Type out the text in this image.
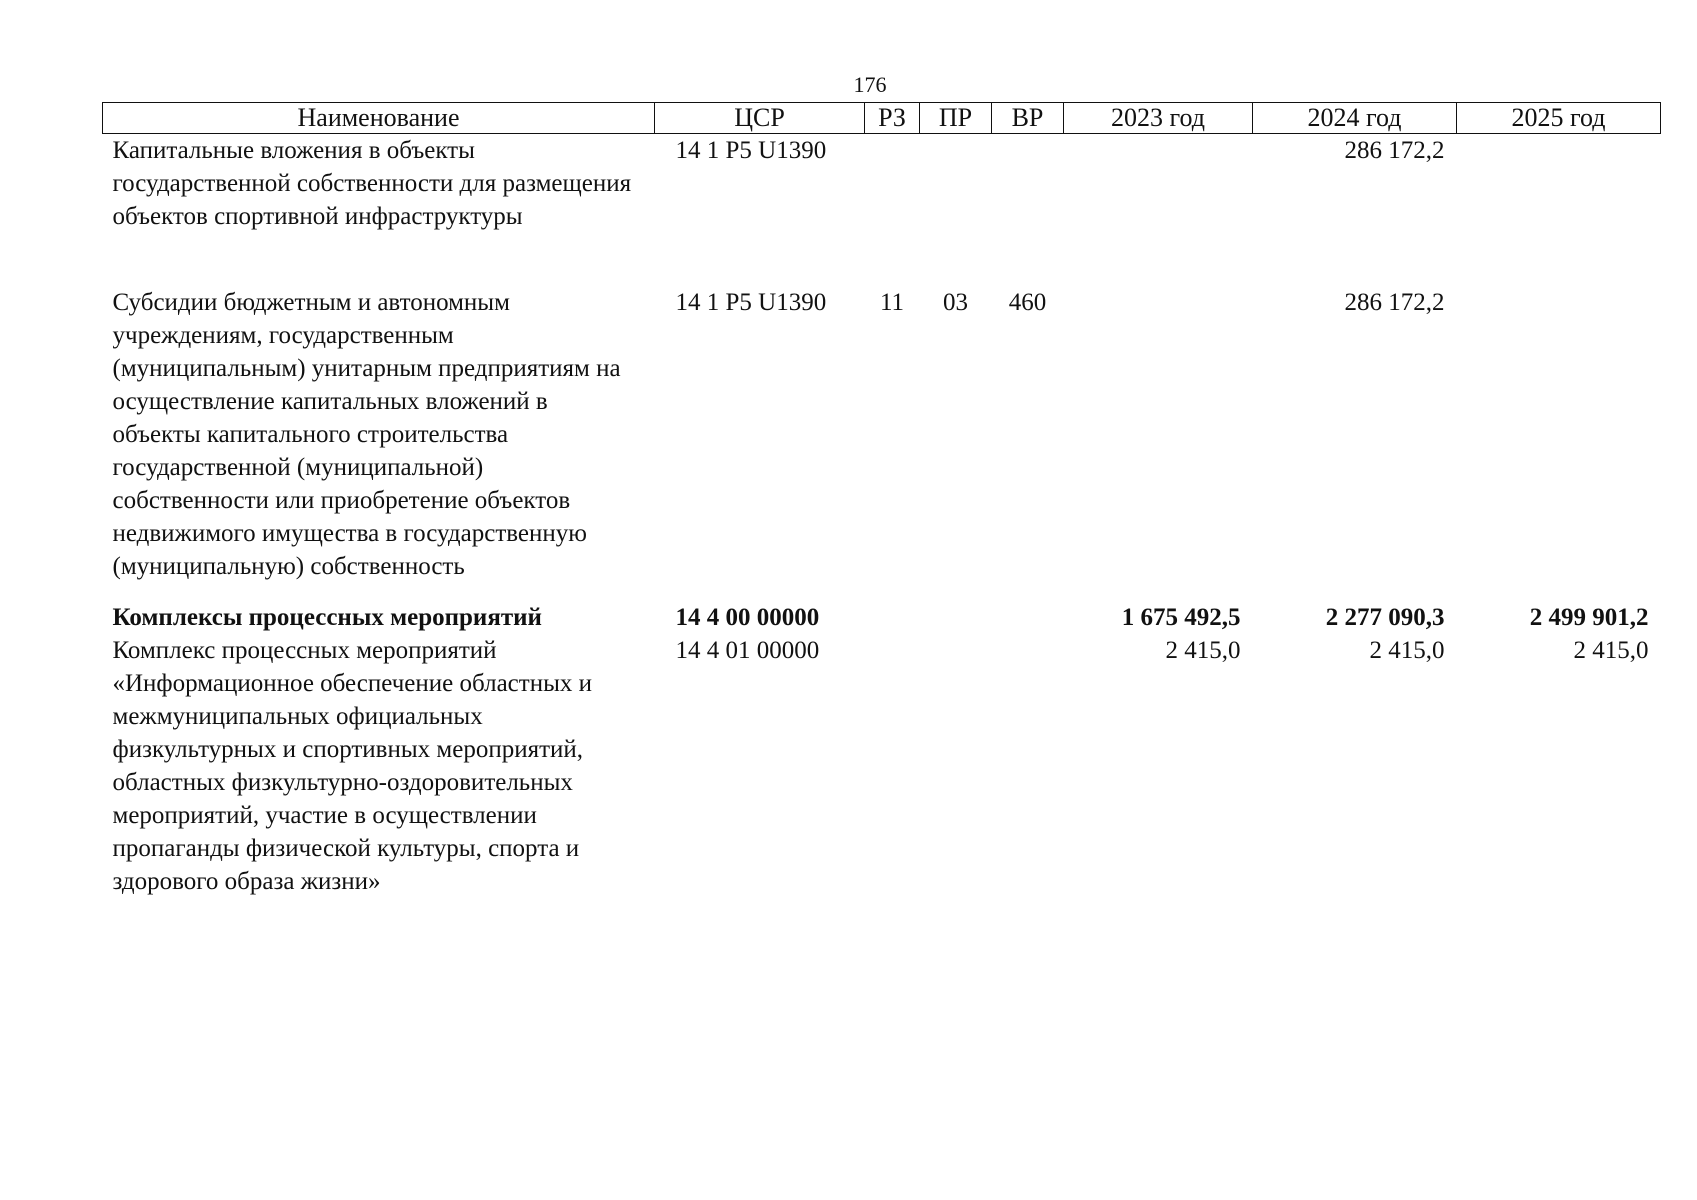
176
Наименование	ЦСР	РЗ	ПР	ВР	2023 год	2024 год	2025 год
Капитальные вложения в объекты государственной собственности для размещения объектов спортивной инфраструктуры	14 1 P5 U1390					286 172,2	
Субсидии бюджетным и автономным учреждениям, государственным (муниципальным) унитарным предприятиям на осуществление капитальных вложений в объекты капитального строительства государственной (муниципальной) собственности или приобретение объектов недвижимого имущества в государственную (муниципальную) собственность	14 1 P5 U1390	11	03	460		286 172,2	
Комплексы процессных мероприятий	14 4 00 00000				1 675 492,5	2 277 090,3	2 499 901,2
Комплекс процессных мероприятий «Информационное обеспечение областных и межмуниципальных официальных физкультурных и спортивных мероприятий, областных физкультурно-оздоровительных мероприятий, участие в осуществлении пропаганды физической культуры, спорта и здорового образа жизни»	14 4 01 00000				2 415,0	2 415,0	2 415,0
